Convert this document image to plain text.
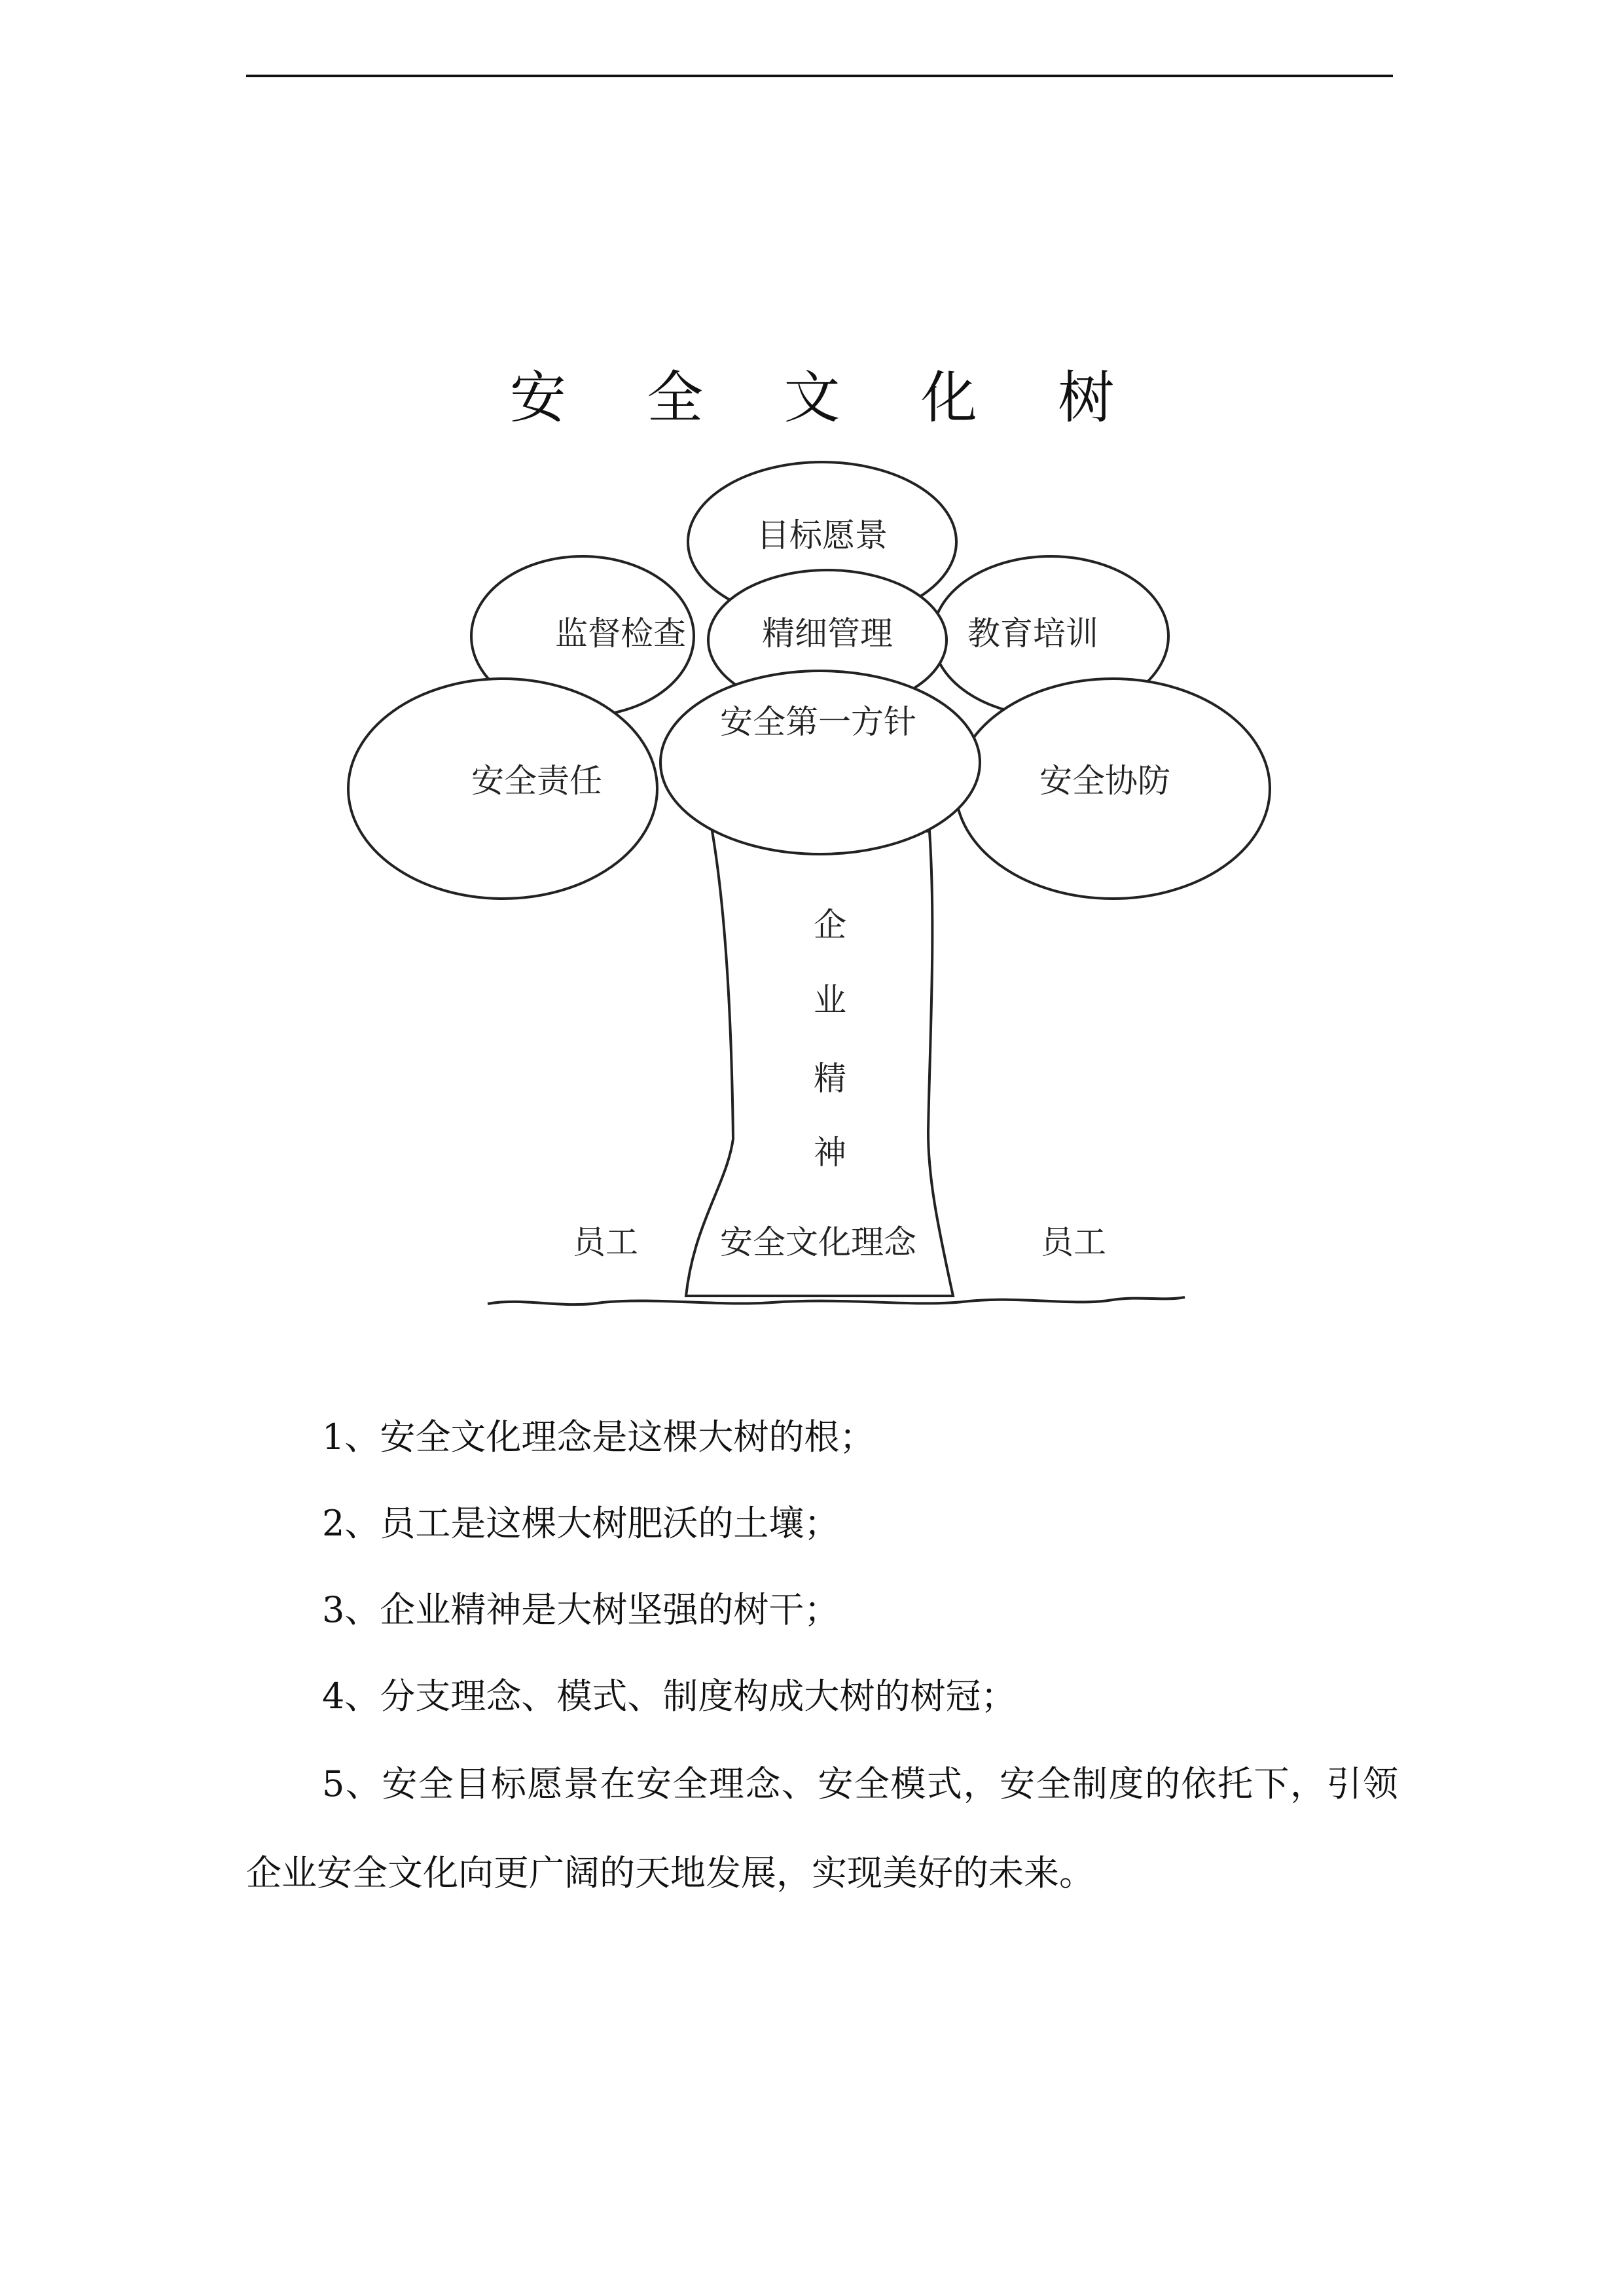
安 全 文 化 树
目标愿景
监督检查 精细管理 教育培训
安全责任
安全第一方针
安全协防
企
业
精
神
安全文化理念
员工	员工

1、安全文化理念是这棵大树的根；

2、员工是这棵大树肥沃的土壤；

3、企业精神是大树坚强的树干；

4、分支理念、模式、制度构成大树的树冠；

5、安全目标愿景在安全理念、安全模式，安全制度的依托下，引领企业安全文化向更广阔的天地发展，实现美好的未来。
